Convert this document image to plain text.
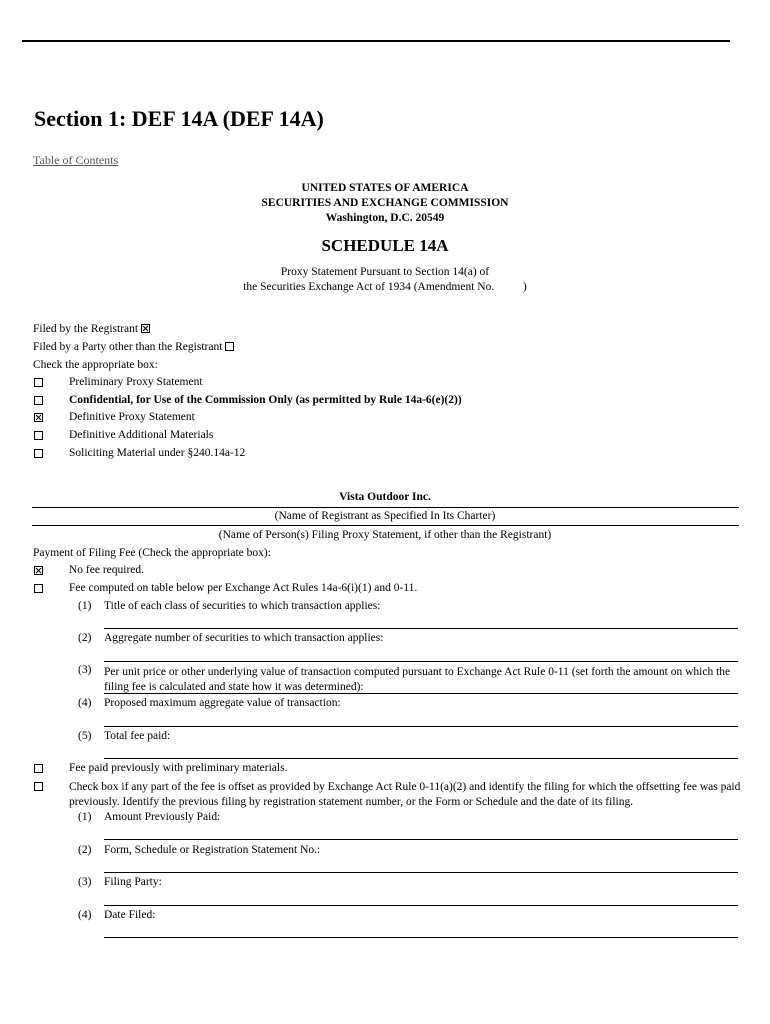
Section 1: DEF 14A (DEF 14A)
Table of Contents
UNITED STATES OF AMERICA
SECURITIES AND EXCHANGE COMMISSION
Washington, D.C. 20549
SCHEDULE 14A
Proxy Statement Pursuant to Section 14(a) of
the Securities Exchange Act of 1934 (Amendment No.          )
Filed by the Registrant
Filed by a Party other than the Registrant
Check the appropriate box:
Preliminary Proxy Statement
Confidential, for Use of the Commission Only (as permitted by Rule 14a-6(e)(2))
Definitive Proxy Statement
Definitive Additional Materials
Soliciting Material under §240.14a-12
Vista Outdoor Inc.
(Name of Registrant as Specified In Its Charter)
(Name of Person(s) Filing Proxy Statement, if other than the Registrant)
Payment of Filing Fee (Check the appropriate box):
No fee required.
Fee computed on table below per Exchange Act Rules 14a-6(i)(1) and 0-11.
(1) Title of each class of securities to which transaction applies:
(2) Aggregate number of securities to which transaction applies:
(3) Per unit price or other underlying value of transaction computed pursuant to Exchange Act Rule 0-11 (set forth the amount on which the filing fee is calculated and state how it was determined):
(4) Proposed maximum aggregate value of transaction:
(5) Total fee paid:
Fee paid previously with preliminary materials.
Check box if any part of the fee is offset as provided by Exchange Act Rule 0-11(a)(2) and identify the filing for which the offsetting fee was paid previously. Identify the previous filing by registration statement number, or the Form or Schedule and the date of its filing.
(1) Amount Previously Paid:
(2) Form, Schedule or Registration Statement No.:
(3) Filing Party:
(4) Date Filed:
